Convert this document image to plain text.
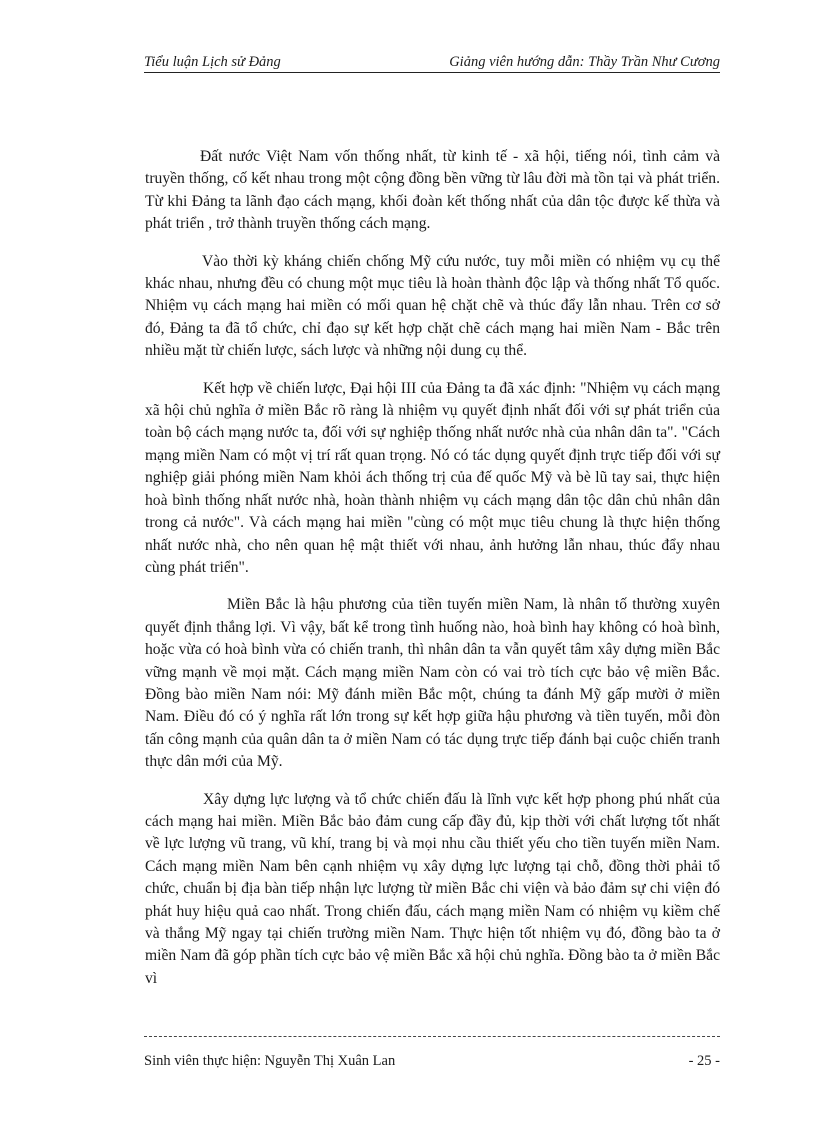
Tiểu luận Lịch sử Đảng	Giảng viên hướng dẫn: Thầy Trần Như Cương

Đất nước Việt Nam vốn thống nhất, từ kinh tế - xã hội, tiếng nói, tình cảm và truyền thống, cố kết nhau trong một cộng đồng bền vững từ lâu đời mà tồn tại và phát triển. Từ khi Đảng ta lãnh đạo cách mạng, khối đoàn kết thống nhất của dân tộc được kế thừa và phát triển , trở thành truyền thống cách mạng.

Vào thời kỳ kháng chiến chống Mỹ cứu nước, tuy mỗi miền có nhiệm vụ cụ thể khác nhau, nhưng đều có chung một mục tiêu là hoàn thành độc lập và thống nhất Tổ quốc. Nhiệm vụ cách mạng hai miền có mối quan hệ chặt chẽ và thúc đẩy lẫn nhau. Trên cơ sở đó, Đảng ta đã tổ chức, chỉ đạo sự kết hợp chặt chẽ cách mạng hai miền Nam - Bắc trên nhiều mặt từ chiến lược, sách lược và những nội dung cụ thể.

Kết hợp về chiến lược, Đại hội III của Đảng ta đã xác định: "Nhiệm vụ cách mạng xã hội chủ nghĩa ở miền Bắc rõ ràng là nhiệm vụ quyết định nhất đối với sự phát triển của toàn bộ cách mạng nước ta, đối với sự nghiệp thống nhất nước nhà của nhân dân ta". "Cách mạng miền Nam có một vị trí rất quan trọng. Nó có tác dụng quyết định trực tiếp đối với sự nghiệp giải phóng miền Nam khỏi ách thống trị của đế quốc Mỹ và bè lũ tay sai, thực hiện hoà bình thống nhất nước nhà, hoàn thành nhiệm vụ cách mạng dân tộc dân chủ nhân dân trong cả nước". Và cách mạng hai miền "cùng có một mục tiêu chung là thực hiện thống nhất nước nhà, cho nên quan hệ mật thiết với nhau, ảnh hưởng lẫn nhau, thúc đẩy nhau cùng phát triển".

Miền Bắc là hậu phương của tiền tuyến miền Nam, là nhân tố thường xuyên quyết định thắng lợi. Vì vậy, bất kể trong tình huống nào, hoà bình hay không có hoà bình, hoặc vừa có hoà bình vừa có chiến tranh, thì nhân dân ta vẫn quyết tâm xây dựng miền Bắc vững mạnh về mọi mặt. Cách mạng miền Nam còn có vai trò tích cực bảo vệ miền Bắc. Đồng bào miền Nam nói: Mỹ đánh miền Bắc một, chúng ta đánh Mỹ gấp mười ở miền Nam. Điều đó có ý nghĩa rất lớn trong sự kết hợp giữa hậu phương và tiền tuyến, mỗi đòn tấn công mạnh của quân dân ta ở miền Nam có tác dụng trực tiếp đánh bại cuộc chiến tranh thực dân mới của Mỹ.

Xây dựng lực lượng và tổ chức chiến đấu là lĩnh vực kết hợp phong phú nhất của cách mạng hai miền. Miền Bắc bảo đảm cung cấp đầy đủ, kịp thời với chất lượng tốt nhất về lực lượng vũ trang, vũ khí, trang bị và mọi nhu cầu thiết yếu cho tiền tuyến miền Nam. Cách mạng miền Nam bên cạnh nhiệm vụ xây dựng lực lượng tại chỗ, đồng thời phải tổ chức, chuẩn bị địa bàn tiếp nhận lực lượng từ miền Bắc chi viện và bảo đảm sự chi viện đó phát huy hiệu quả cao nhất. Trong chiến đấu, cách mạng miền Nam có nhiệm vụ kiềm chế và thắng Mỹ ngay tại chiến trường miền Nam. Thực hiện tốt nhiệm vụ đó, đồng bào ta ở miền Nam đã góp phần tích cực bảo vệ miền Bắc xã hội chủ nghĩa. Đồng bào ta ở miền Bắc vì

Sinh viên thực hiện: Nguyễn Thị Xuân Lan	- 25 -
